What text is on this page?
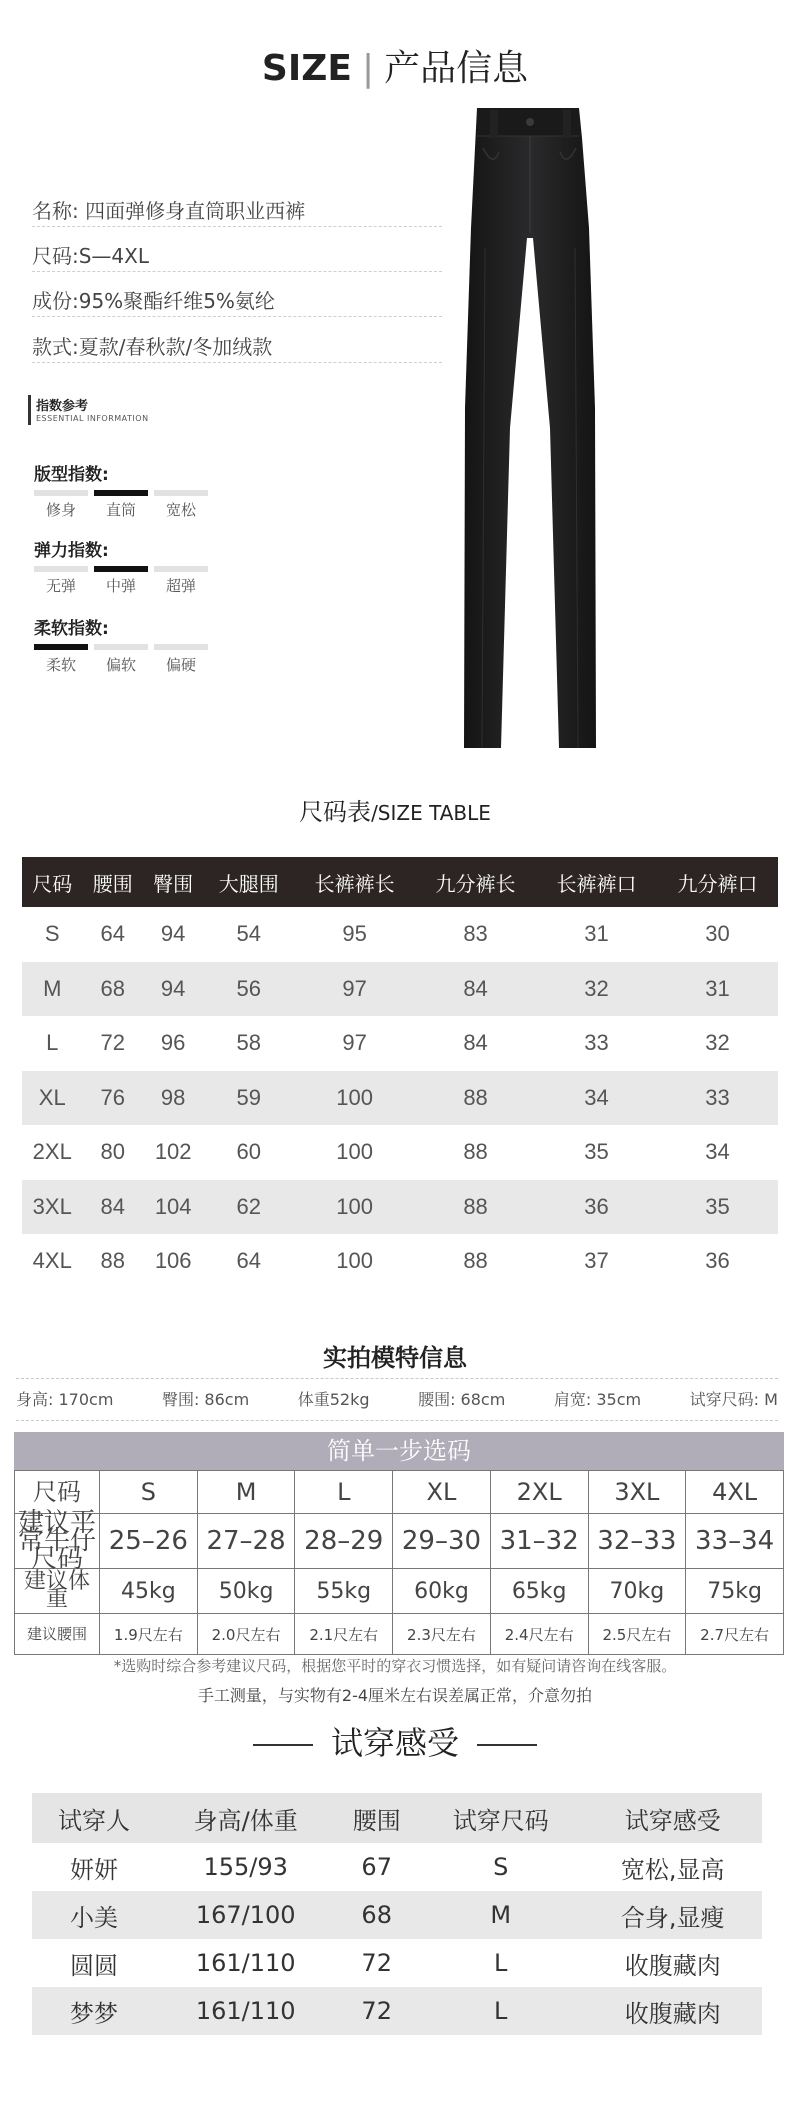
SIZE | 产品信息
名称: 四面弹修身直筒职业西裤
尺码:S—4XL
成份:95%聚酯纤维5%氨纶
款式:夏款/春秋款/冬加绒款
指数参考
ESSENTIAL INFORMATION
版型指数:
修身	直筒	宽松
弹力指数:
无弹	中弹	超弹
柔软指数:
柔软	偏软	偏硬
尺码表/SIZE TABLE
尺码	腰围	臀围	大腿围	长裤裤长	九分裤长	长裤裤口	九分裤口
S	64	94	54	95	83	31	30
M	68	94	56	97	84	32	31
L	72	96	58	97	84	33	32
XL	76	98	59	100	88	34	33
2XL	80	102	60	100	88	35	34
3XL	84	104	62	100	88	36	35
4XL	88	106	64	100	88	37	36
实拍模特信息
身高: 170cm	臀围: 86cm	体重52kg	腰围: 68cm	肩宽: 35cm	试穿尺码: M
简单一步选码
尺码	S	M	L	XL	2XL	3XL	4XL
建议平常牛仔尺码	25–26	27–28	28–29	29–30	31–32	32–33	33–34
建议体重	45kg	50kg	55kg	60kg	65kg	70kg	75kg
建议腰围	1.9尺左右	2.0尺左右	2.1尺左右	2.3尺左右	2.4尺左右	2.5尺左右	2.7尺左右
*选购时综合参考建议尺码，根据您平时的穿衣习惯选择，如有疑问请咨询在线客服。
手工测量，与实物有2-4厘米左右误差属正常，介意勿拍
试穿感受
试穿人	身高/体重	腰围	试穿尺码	试穿感受
妍妍	155/93	67	S	宽松,显高
小美	167/100	68	M	合身,显瘦
圆圆	161/110	72	L	收腹藏肉
梦梦	161/110	72	L	收腹藏肉
